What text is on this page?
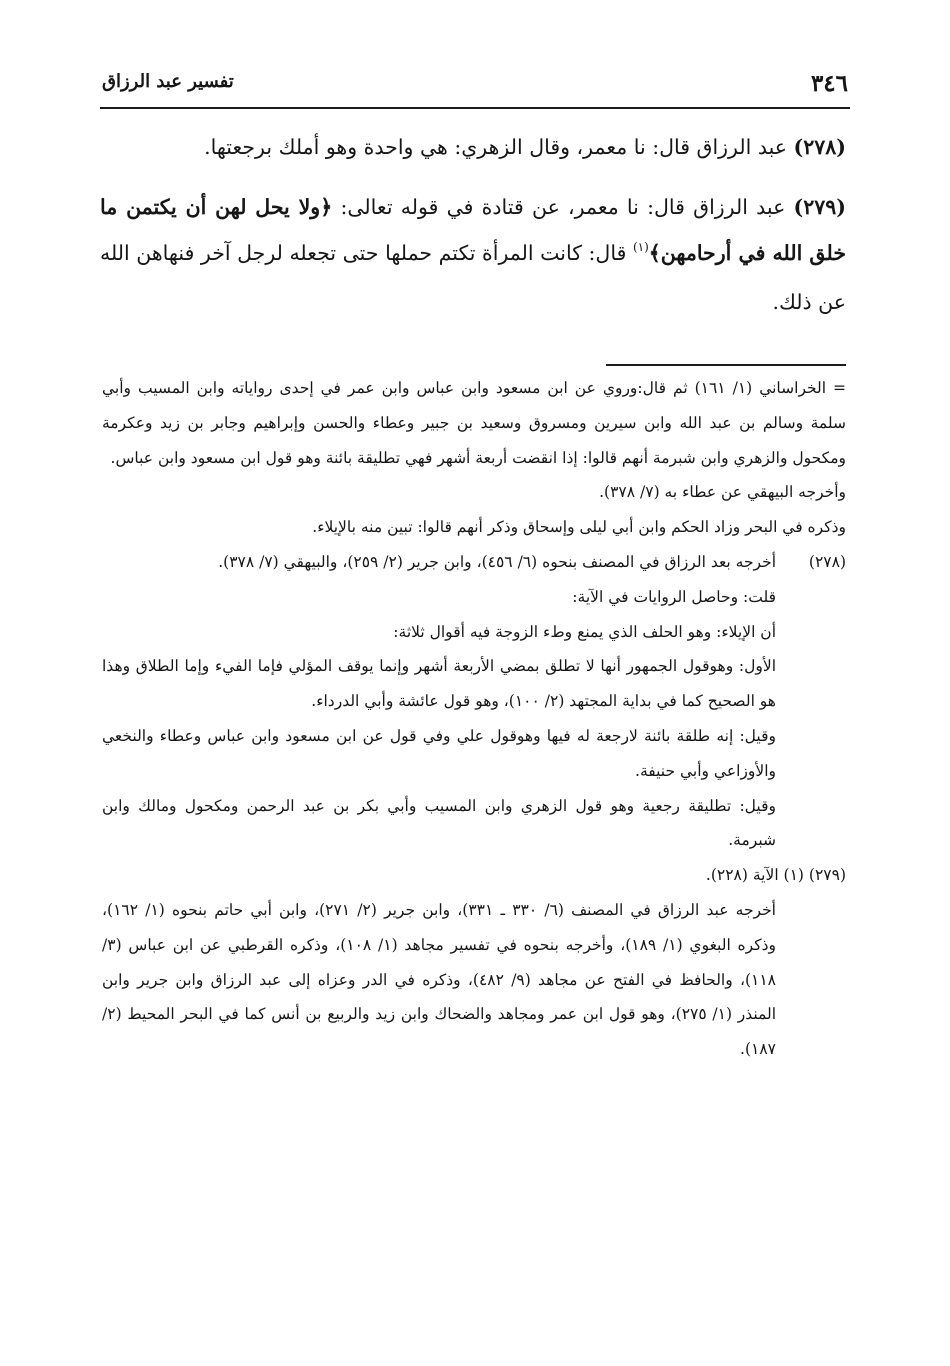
٣٤٦
تفسير عبد الرزاق

(٢٧٨) عبد الرزاق قال: نا معمر، وقال الزهري: هي واحدة وهو أملك برجعتها.

(٢٧٩) عبد الرزاق قال: نا معمر، عن قتادة في قوله تعالى: ﴿ولا يحل لهن أن يكتمن ما خلق الله في أرحامهن﴾$^{(١)}$ قال: كانت المرأة تكتم حملها حتى تجعله لرجل آخر فنهاهن الله عن ذلك.

= الخراساني (١/ ١٦١) ثم قال:وروي عن ابن مسعود وابن عباس وابن عمر في إحدى رواياته وابن المسيب وأبي سلمة وسالم بن عبد الله وابن سيرين ومسروق وسعيد بن جبير وعطاء والحسن وإبراهيم وجابر بن زيد وعكرمة ومكحول والزهري وابن شبرمة أنهم قالوا: إذا انقضت أربعة أشهر فهي تطليقة بائنة وهو قول ابن مسعود وابن عباس.

وأخرجه البيهقي عن عطاء به (٧/ ٣٧٨).

وذكره في البحر وزاد الحكم وابن أبي ليلى وإسحاق وذكر أنهم قالوا: تبين منه بالإيلاء.

(٢٧٨)

أخرجه بعد الرزاق في المصنف بنحوه (٦/ ٤٥٦)، وابن جرير (٢/ ٢٥٩)، والبيهقي (٧/ ٣٧٨).

قلت: وحاصل الروايات في الآية:

أن الإيلاء: وهو الحلف الذي يمنع وطء الزوجة فيه أقوال ثلاثة:

الأول: وهوقول الجمهور أنها لا تطلق بمضي الأربعة أشهر وإنما يوقف المؤلي فإما الفيء وإما الطلاق وهذا هو الصحيح كما في بداية المجتهد (٢/ ١٠٠)، وهو قول عائشة وأبي الدرداء.

وقيل: إنه طلقة بائنة لارجعة له فيها وهوقول علي وفي قول عن ابن مسعود وابن عباس وعطاء والنخعي والأوزاعي وأبي حنيفة.

وقيل: تطليقة رجعية وهو قول الزهري وابن المسيب وأبي بكر بن عبد الرحمن ومكحول ومالك وابن شبرمة.

(٢٧٩) (١) الآية (٢٢٨).

أخرجه عبد الرزاق في المصنف (٦/ ٣٣٠ ـ ٣٣١)، وابن جرير (٢/ ٢٧١)، وابن أبي حاتم بنحوه (١/ ١٦٢)، وذكره البغوي (١/ ١٨٩)، وأخرجه بنحوه في تفسير مجاهد (١/ ١٠٨)، وذكره القرطبي عن ابن عباس (٣/ ١١٨)، والحافظ في الفتح عن مجاهد (٩/ ٤٨٢)، وذكره في الدر وعزاه إلى عبد الرزاق وابن جرير وابن المنذر (١/ ٢٧٥)، وهو قول ابن عمر ومجاهد والضحاك وابن زيد والربيع بن أنس كما في البحر المحيط (٢/ ١٨٧).
